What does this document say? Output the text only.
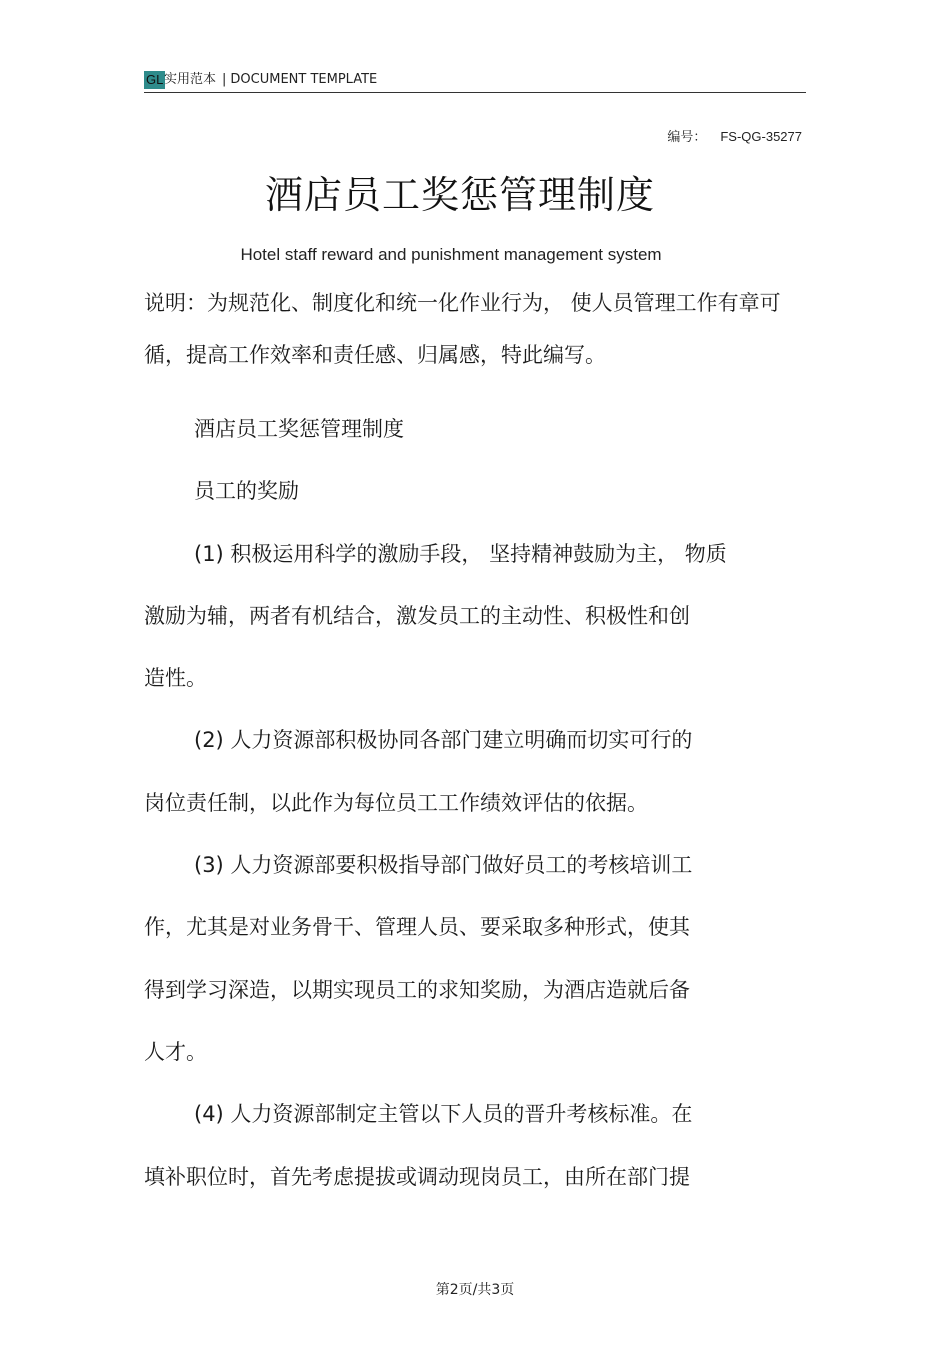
GL 实用范本 | DOCUMENT TEMPLATE
编号： FS-QG-35277
酒店员工奖惩管理制度
Hotel staff reward and punishment management system
说明：为规范化、制度化和统一化作业行为， 使人员管理工作有章可
循，提高工作效率和责任感、归属感，特此编写。
酒店员工奖惩管理制度
员工的奖励
(1) 积极运用科学的激励手段， 坚持精神鼓励为主， 物质
激励为辅，两者有机结合，激发员工的主动性、积极性和创
造性。
(2) 人力资源部积极协同各部门建立明确而切实可行的
岗位责任制，以此作为每位员工工作绩效评估的依据。
(3) 人力资源部要积极指导部门做好员工的考核培训工
作，尤其是对业务骨干、管理人员、要采取多种形式，使其
得到学习深造，以期实现员工的求知奖励，为酒店造就后备
人才。
(4) 人力资源部制定主管以下人员的晋升考核标准。在
填补职位时，首先考虑提拔或调动现岗员工，由所在部门提
第2页/共3页
